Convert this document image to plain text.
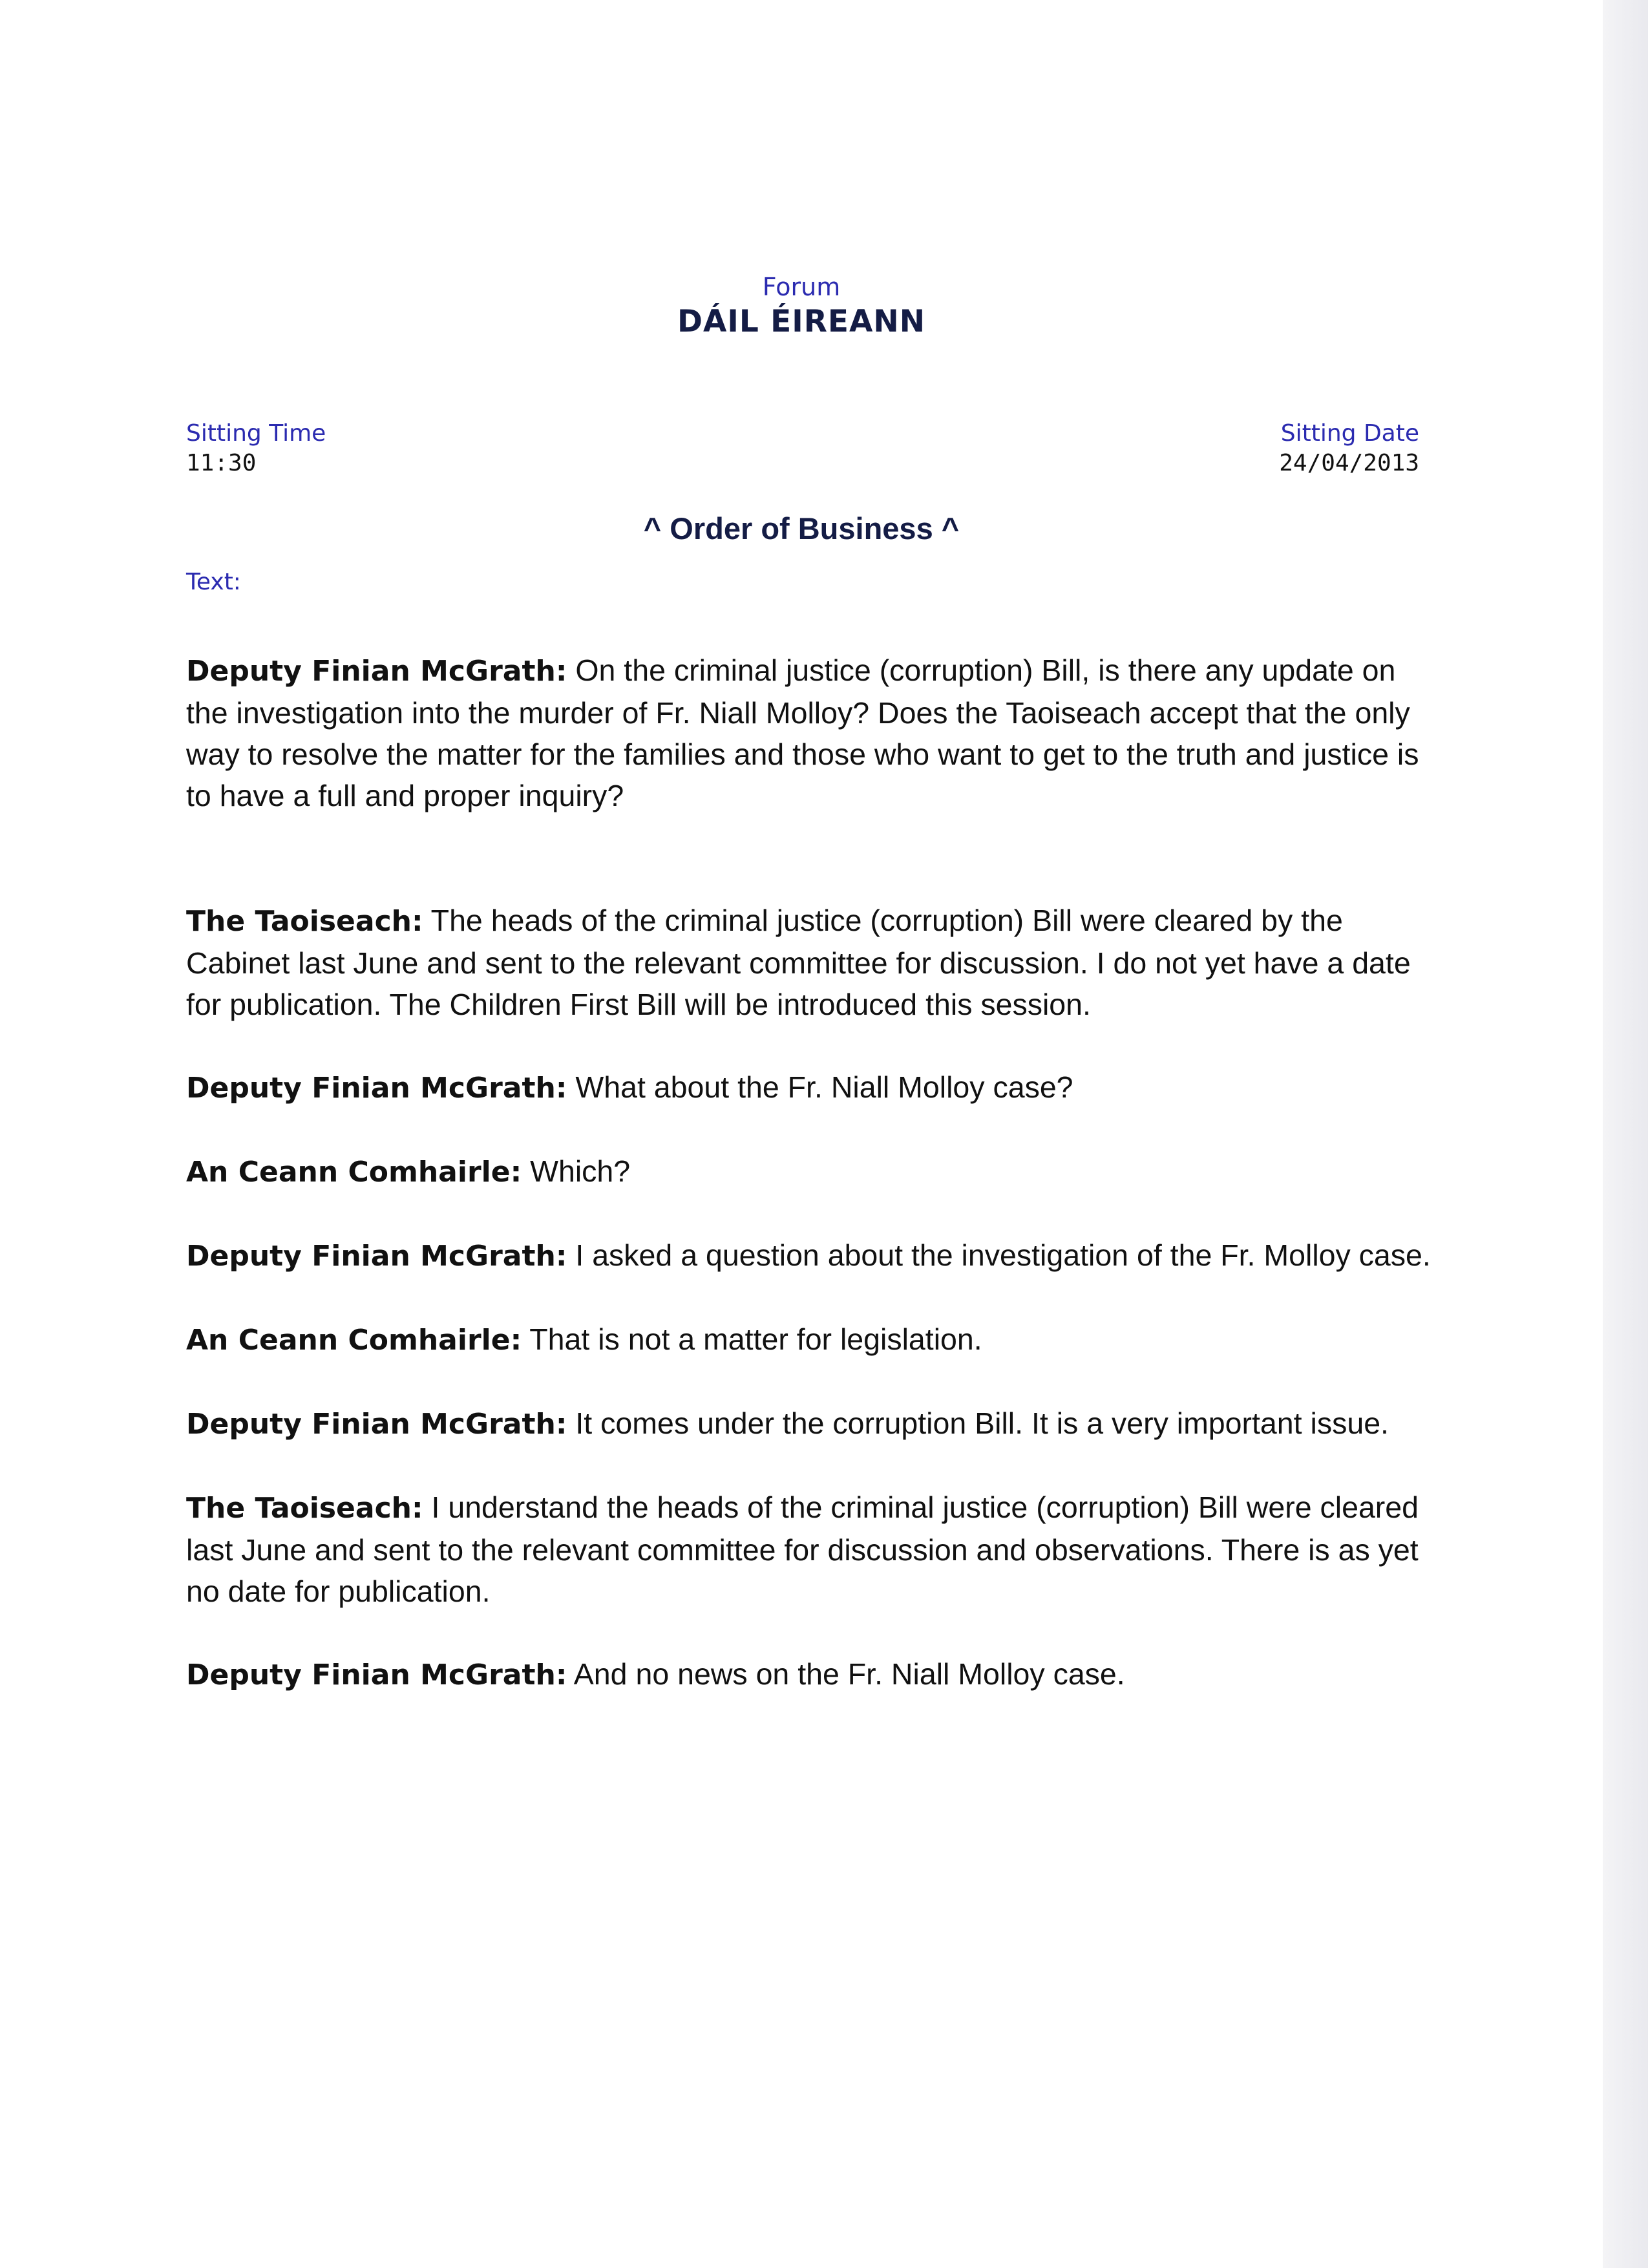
Forum
DÁIL ÉIREANN
Sitting Time
11:30
Sitting Date
24/04/2013
^ Order of Business ^
Text:

Deputy Finian McGrath: On the criminal justice (corruption) Bill, is there any update on the investigation into the murder of Fr. Niall Molloy? Does the Taoiseach accept that the only way to resolve the matter for the families and those who want to get to the truth and justice is to have a full and proper inquiry?

The Taoiseach: The heads of the criminal justice (corruption) Bill were cleared by the Cabinet last June and sent to the relevant committee for discussion. I do not yet have a date for publication. The Children First Bill will be introduced this session.

Deputy Finian McGrath: What about the Fr. Niall Molloy case?

An Ceann Comhairle: Which?

Deputy Finian McGrath: I asked a question about the investigation of the Fr. Molloy case.

An Ceann Comhairle: That is not a matter for legislation.

Deputy Finian McGrath: It comes under the corruption Bill. It is a very important issue.

The Taoiseach: I understand the heads of the criminal justice (corruption) Bill were cleared last June and sent to the relevant committee for discussion and observations. There is as yet no date for publication.

Deputy Finian McGrath: And no news on the Fr. Niall Molloy case.
